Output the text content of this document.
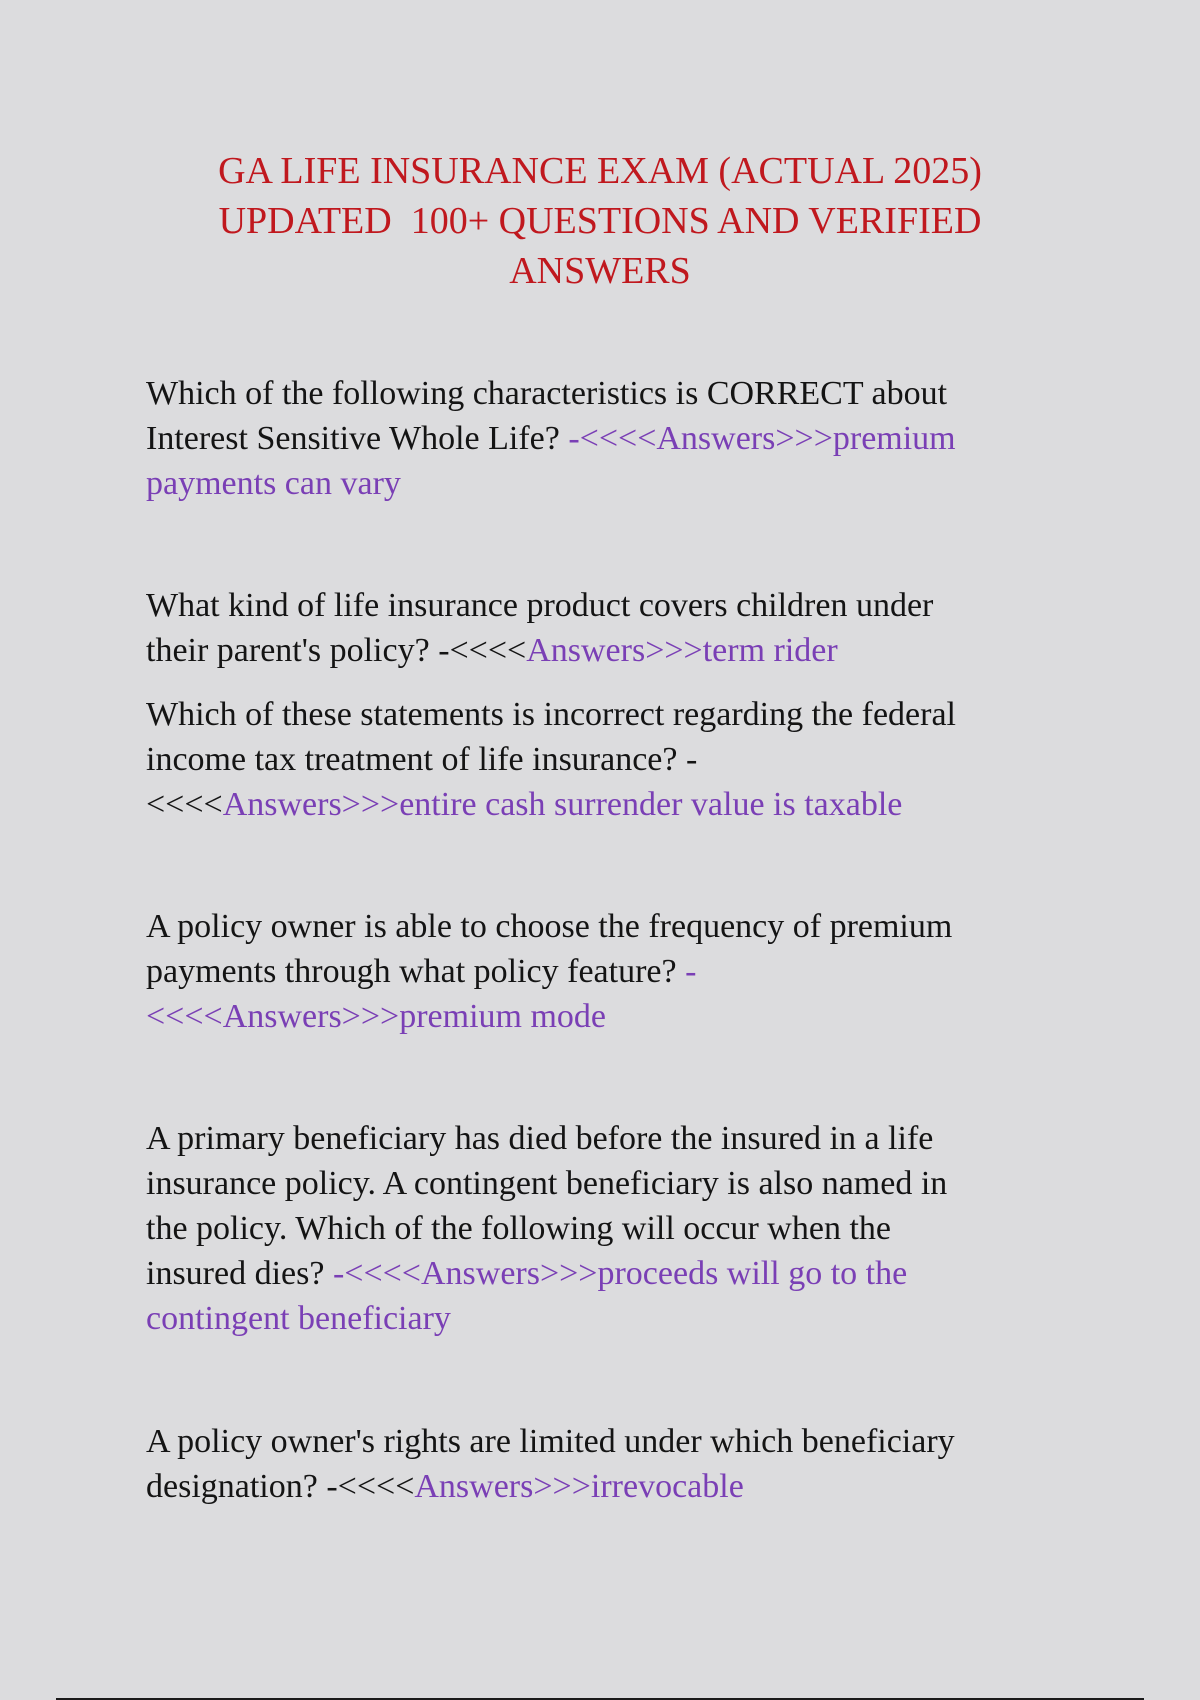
GA LIFE INSURANCE EXAM (ACTUAL 2025)
UPDATED  100+ QUESTIONS AND VERIFIED
ANSWERS

Which of the following characteristics is CORRECT about
Interest Sensitive Whole Life? -<<<<Answers>>>premium
payments can vary

What kind of life insurance product covers children under
their parent's policy? -<<<<Answers>>>term rider

Which of these statements is incorrect regarding the federal
income tax treatment of life insurance? -
<<<<Answers>>>entire cash surrender value is taxable

A policy owner is able to choose the frequency of premium
payments through what policy feature? -
<<<<Answers>>>premium mode

A primary beneficiary has died before the insured in a life
insurance policy. A contingent beneficiary is also named in
the policy. Which of the following will occur when the
insured dies? -<<<<Answers>>>proceeds will go to the
contingent beneficiary

A policy owner's rights are limited under which beneficiary
designation? -<<<<Answers>>>irrevocable
